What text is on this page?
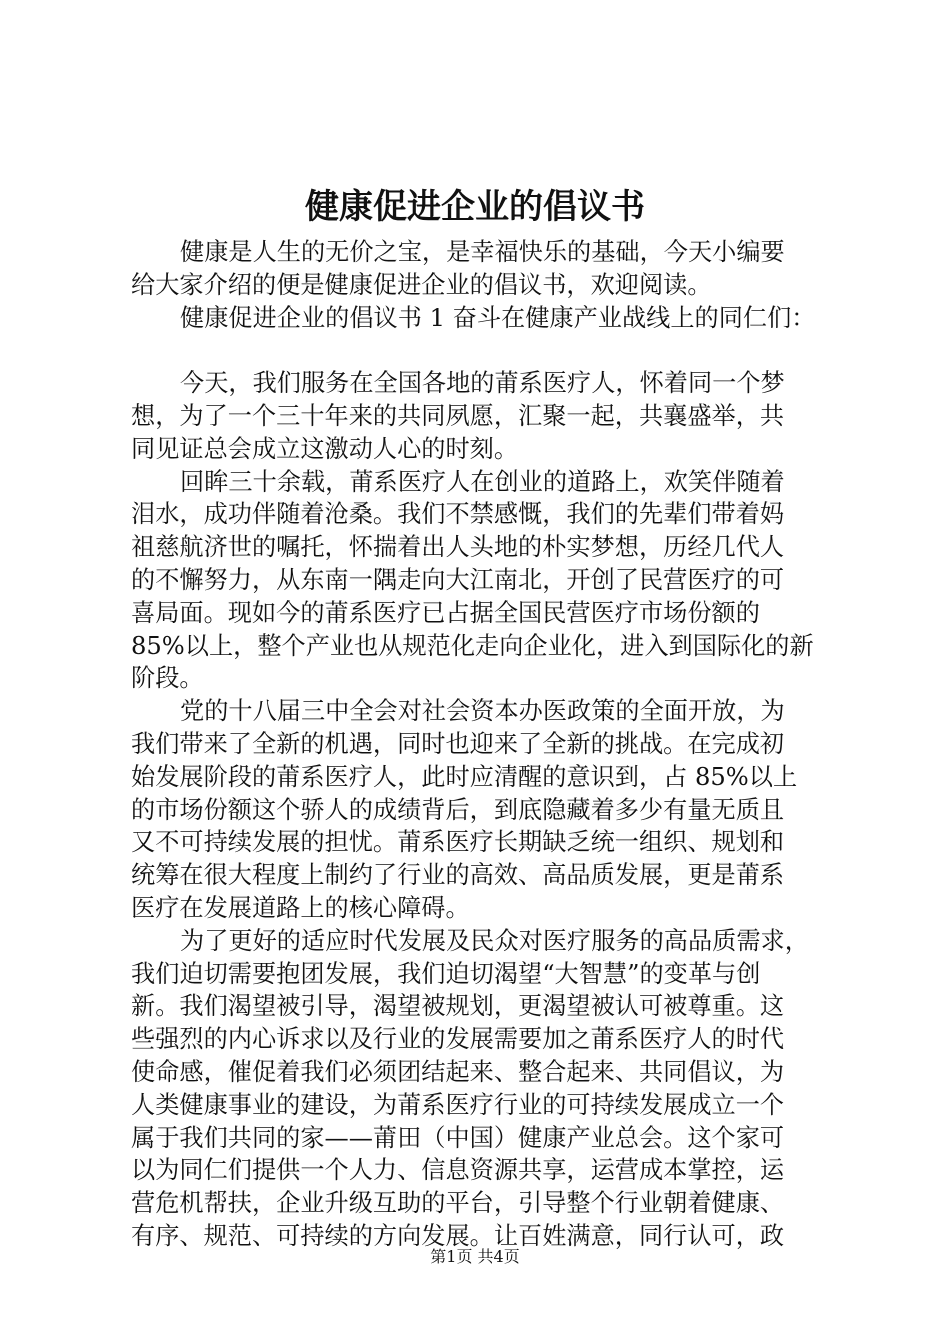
健康促进企业的倡议书
健康是人生的无价之宝，是幸福快乐的基础，今天小编要
给大家介绍的便是健康促进企业的倡议书，欢迎阅读。
健康促进企业的倡议书 1 奋斗在健康产业战线上的同仁们：
今天，我们服务在全国各地的莆系医疗人，怀着同一个梦
想，为了一个三十年来的共同夙愿，汇聚一起，共襄盛举，共
同见证总会成立这激动人心的时刻。
回眸三十余载，莆系医疗人在创业的道路上，欢笑伴随着
泪水，成功伴随着沧桑。我们不禁感慨，我们的先辈们带着妈
祖慈航济世的嘱托，怀揣着出人头地的朴实梦想，历经几代人
的不懈努力，从东南一隅走向大江南北，开创了民营医疗的可
喜局面。现如今的莆系医疗已占据全国民营医疗市场份额的
85%以上，整个产业也从规范化走向企业化，进入到国际化的新
阶段。
党的十八届三中全会对社会资本办医政策的全面开放，为
我们带来了全新的机遇，同时也迎来了全新的挑战。在完成初
始发展阶段的莆系医疗人，此时应清醒的意识到，占 85%以上
的市场份额这个骄人的成绩背后，到底隐藏着多少有量无质且
又不可持续发展的担忧。莆系医疗长期缺乏统一组织、规划和
统筹在很大程度上制约了行业的高效、高品质发展，更是莆系
医疗在发展道路上的核心障碍。
为了更好的适应时代发展及民众对医疗服务的高品质需求，
我们迫切需要抱团发展，我们迫切渴望“大智慧”的变革与创
新。我们渴望被引导，渴望被规划，更渴望被认可被尊重。这
些强烈的内心诉求以及行业的发展需要加之莆系医疗人的时代
使命感，催促着我们必须团结起来、整合起来、共同倡议，为
人类健康事业的建设，为莆系医疗行业的可持续发展成立一个
属于我们共同的家——莆田（中国）健康产业总会。这个家可
以为同仁们提供一个人力、信息资源共享，运营成本掌控，运
营危机帮扶，企业升级互助的平台，引导整个行业朝着健康、
有序、规范、可持续的方向发展。让百姓满意，同行认可，政
第1页 共4页
